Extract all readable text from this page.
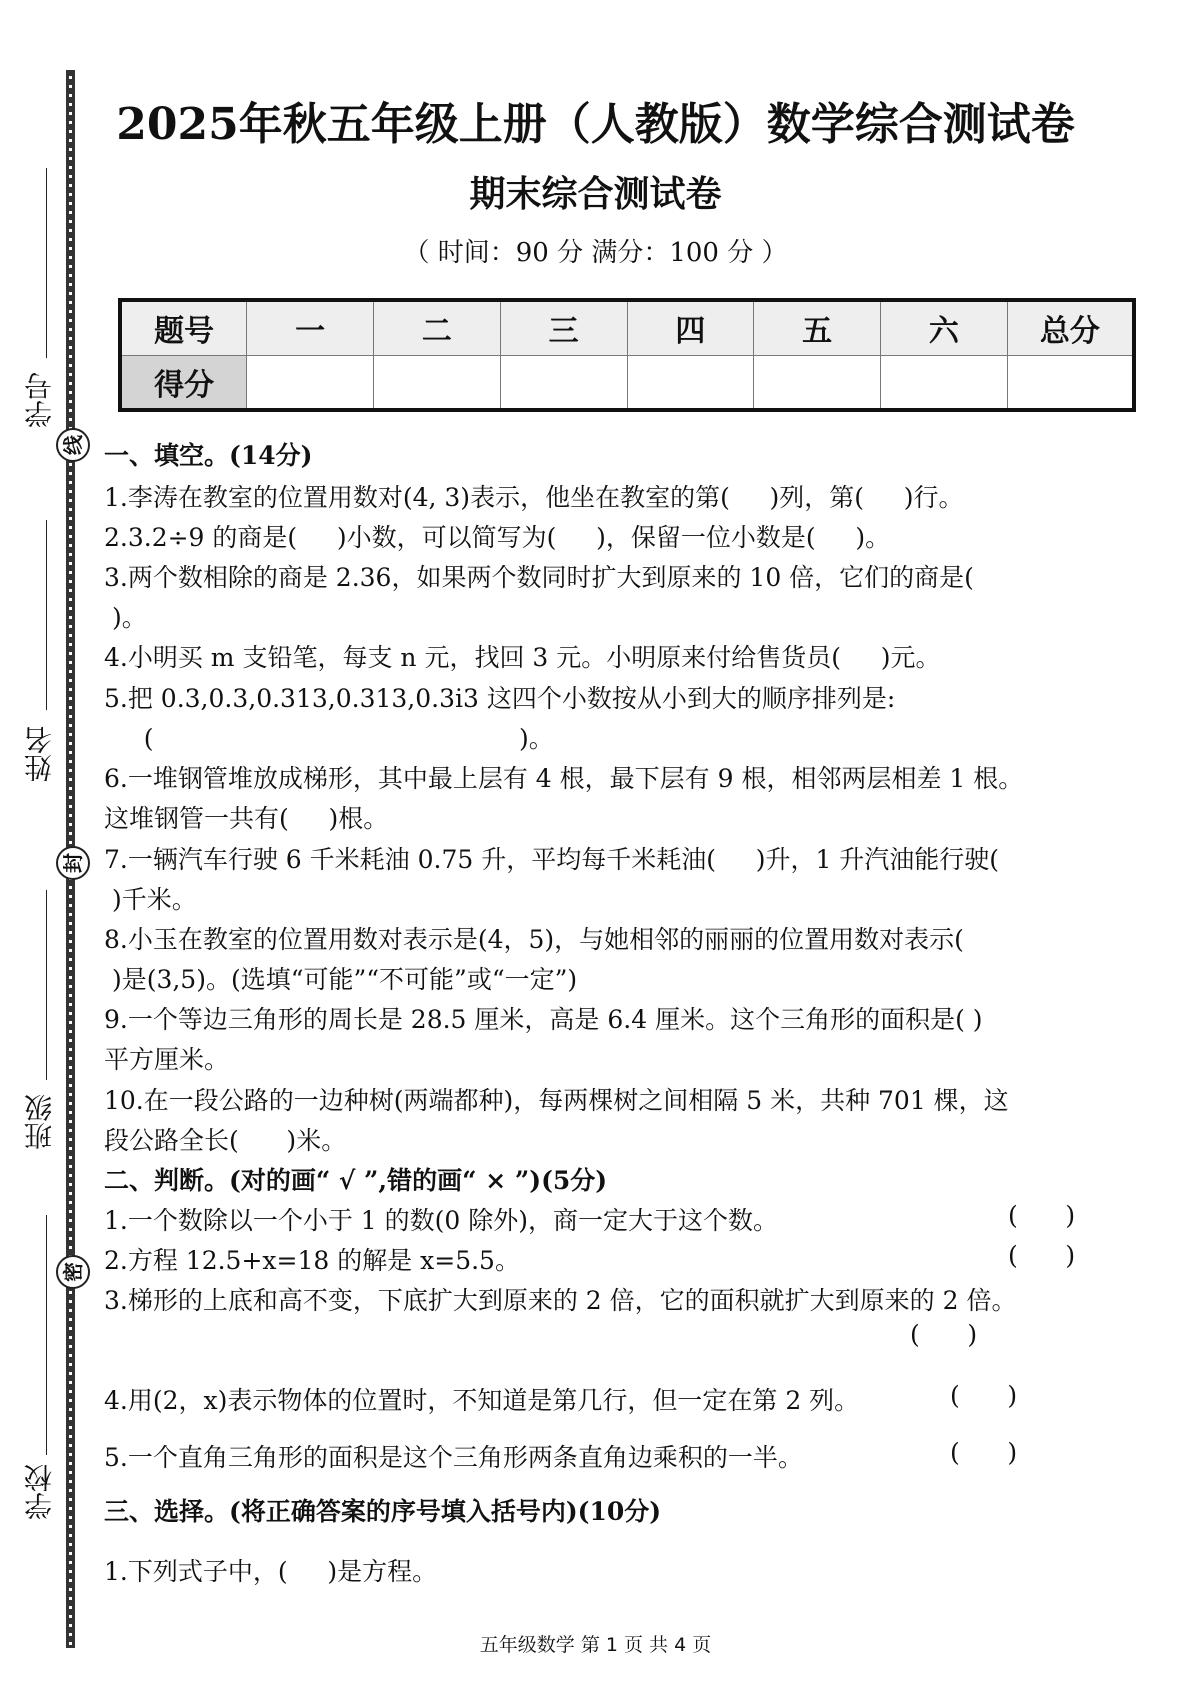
学号
线
姓名
封
班级
密
学校
2025年秋五年级上册（人教版）数学综合测试卷
期末综合测试卷
（ 时间：90 分 满分：100 分 ）
题号	一	二	三	四	五	六	总分
得分							
一、填空。(14分)
1.李涛在教室的位置用数对(4, 3)表示，他坐在教室的第(     )列，第(     )行。
2.3.2÷9 的商是(     )小数，可以简写为(     )，保留一位小数是(     )。
3.两个数相除的商是 2.36，如果两个数同时扩大到原来的 10 倍，它们的商是(
)。
4.小明买 m 支铅笔，每支 n 元，找回 3 元。小明原来付给售货员(     )元。
5.把 0.3,0.3,0.313,0.313,0.3i3 这四个小数按从小到大的顺序排列是:
(                                              )。
6.一堆钢管堆放成梯形，其中最上层有 4 根，最下层有 9 根，相邻两层相差 1 根。
这堆钢管一共有(     )根。
7.一辆汽车行驶 6 千米耗油 0.75 升，平均每千米耗油(     )升，1 升汽油能行驶(
)千米。
8.小玉在教室的位置用数对表示是(4，5)，与她相邻的丽丽的位置用数对表示(
)是(3,5)。(选填“可能”“不可能”或“一定”)
9.一个等边三角形的周长是 28.5 厘米，高是 6.4 厘米。这个三角形的面积是( )
平方厘米。
10.在一段公路的一边种树(两端都种)，每两棵树之间相隔 5 米，共种 701 棵，这
段公路全长(      )米。
二、判断。(对的画“ √ ”,错的画“ × ”)(5分)
1.一个数除以一个小于 1 的数(0 除外)，商一定大于这个数。	(      )
2.方程 12.5+x=18 的解是 x=5.5。	(      )
3.梯形的上底和高不变，下底扩大到原来的 2 倍，它的面积就扩大到原来的 2 倍。
(      )
4.用(2，x)表示物体的位置时，不知道是第几行，但一定在第 2 列。	(      )
5.一个直角三角形的面积是这个三角形两条直角边乘积的一半。	(      )
三、选择。(将正确答案的序号填入括号内)(10分)
1.下列式子中，(     )是方程。
五年级数学 第 1 页 共 4 页
